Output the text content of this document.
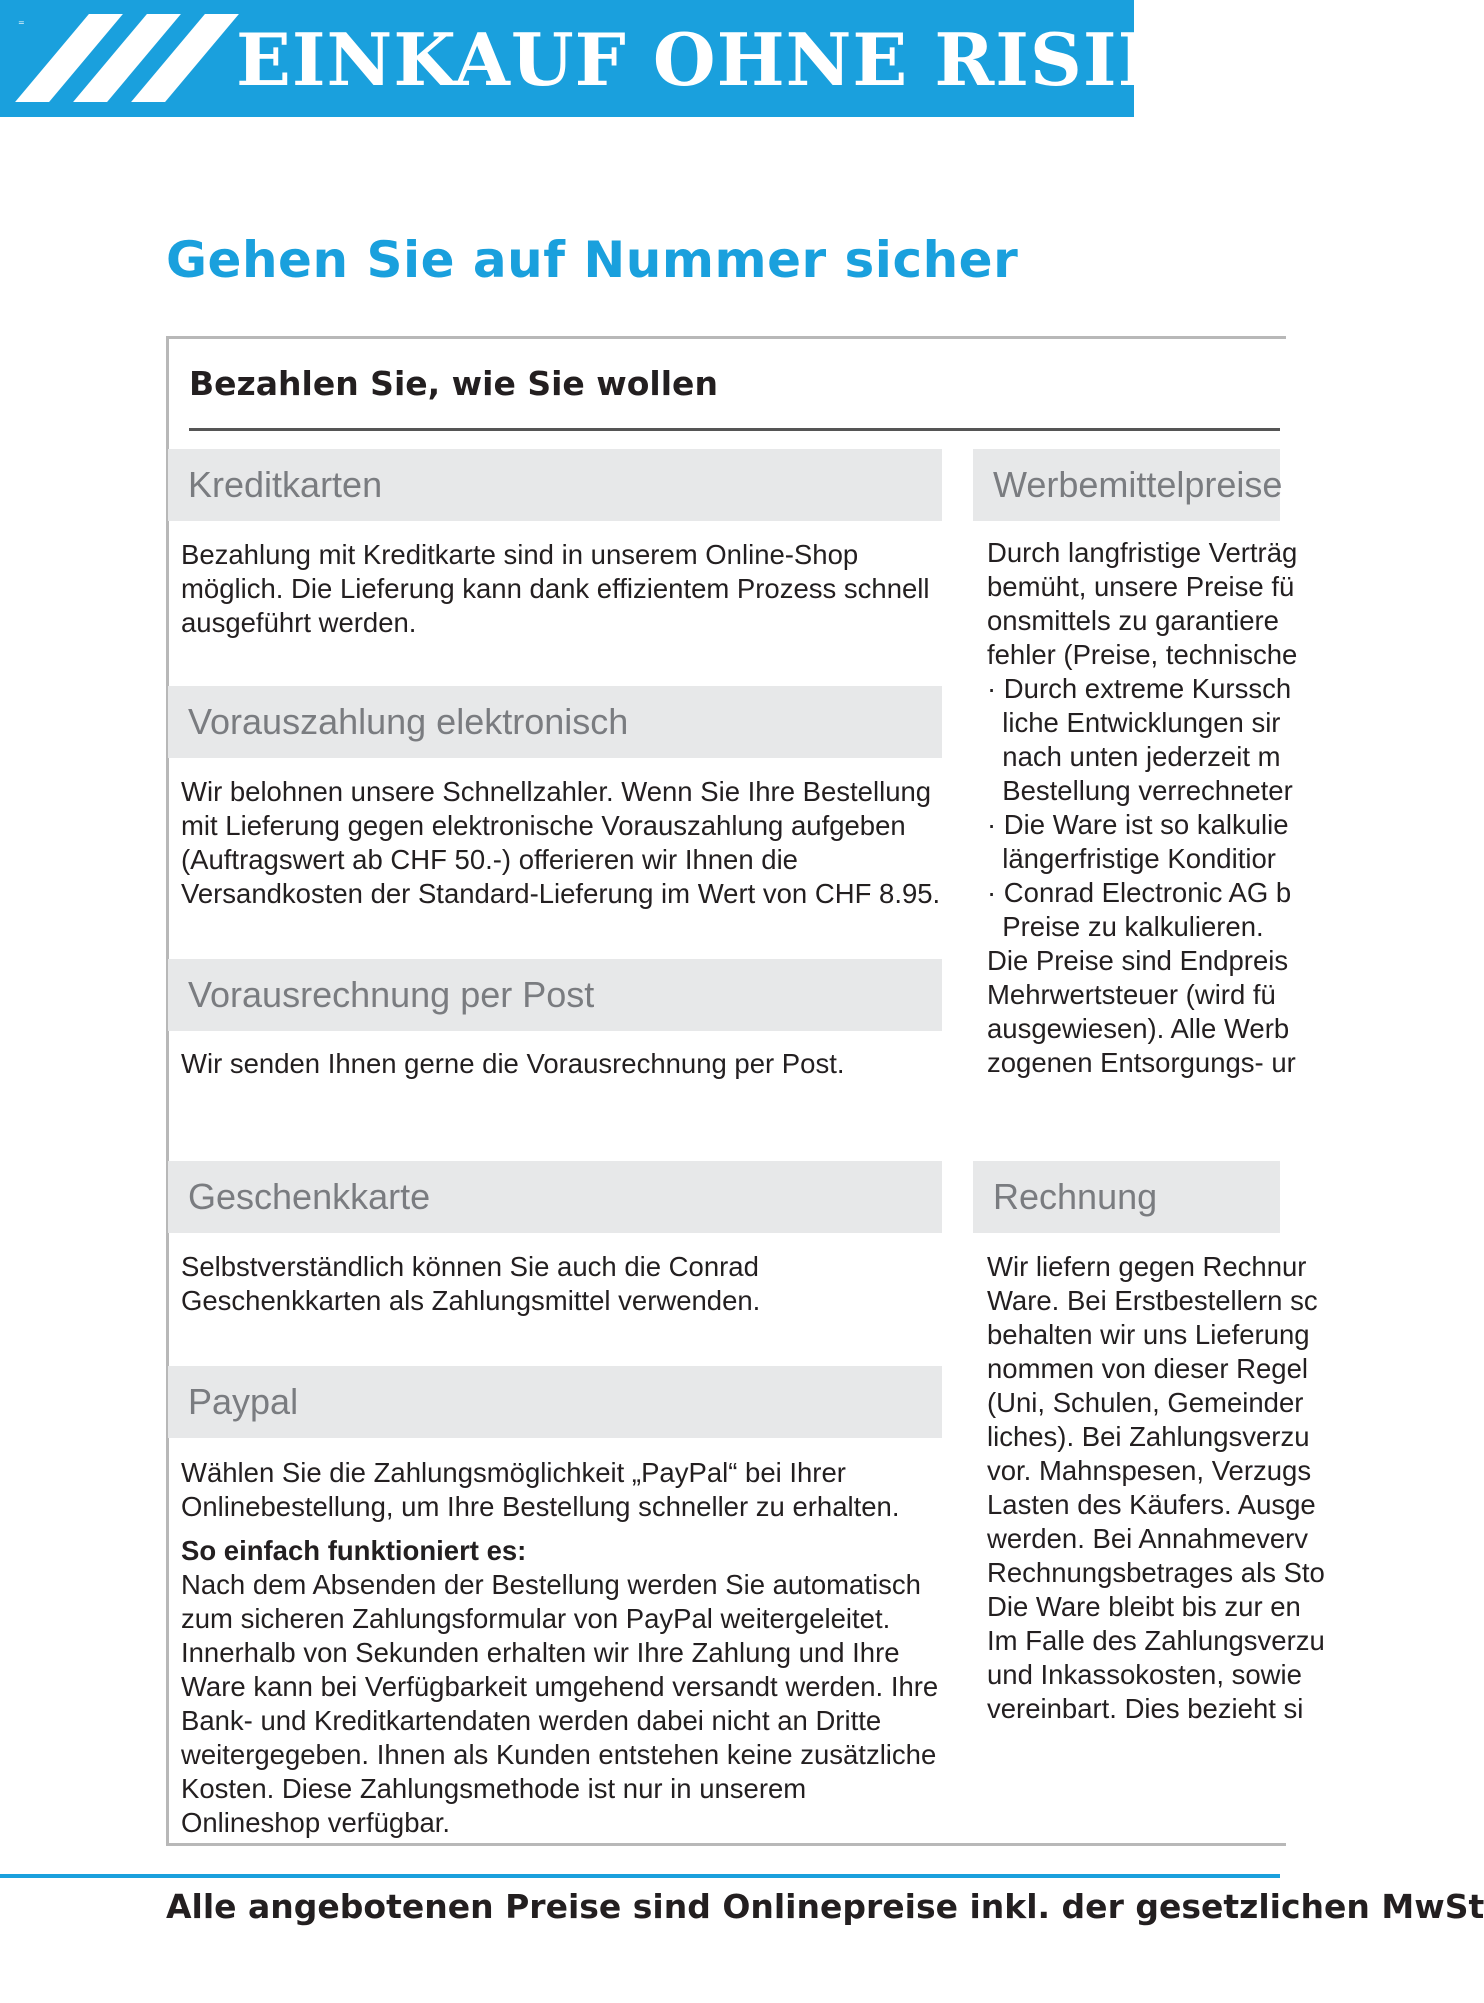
=	EINKAUF OHNE RISIKO
Gehen Sie auf Nummer sicher
Bezahlen Sie, wie Sie wollen
Kreditkarten

Bezahlung mit Kreditkarte sind in unserem Online-Shop möglich. Die Lieferung kann dank effizientem Prozess schnell ausgeführt werden.

Vorauszahlung elektronisch

Wir belohnen unsere Schnellzahler. Wenn Sie Ihre Bestellung mit Lieferung gegen elektronische Vorauszahlung aufgeben (Auftragswert ab CHF 50.-) offerieren wir Ihnen die Versandkosten der Standard-Lieferung im Wert von CHF 8.95.

Vorausrechnung per Post

Wir senden Ihnen gerne die Vorausrechnung per Post.

Geschenkkarte

Selbstverständlich können Sie auch die Conrad Geschenkkarten als Zahlungsmittel verwenden.

Paypal

Wählen Sie die Zahlungsmöglichkeit „PayPal“ bei Ihrer Onlinebestellung, um Ihre Bestellung schneller zu erhalten.

So einfach funktioniert es:

Nach dem Absenden der Bestellung werden Sie automatisch zum sicheren Zahlungsformular von PayPal weitergeleitet. Innerhalb von Sekunden erhalten wir Ihre Zahlung und Ihre Ware kann bei Verfügbarkeit umgehend versandt werden. Ihre Bank- und Kreditkartendaten werden dabei nicht an Dritte weitergegeben. Ihnen als Kunden entstehen keine zusätzliche Kosten. Diese Zahlungsmethode ist nur in unserem Onlineshop verfügbar.

Werbemittelpreise
Durch langfristige Verträg
bemüht, unsere Preise fü
onsmittels zu garantiere
fehler (Preise, technische
· Durch extreme Kurssch
liche Entwicklungen sir
nach unten jederzeit m
Bestellung verrechneter
· Die Ware ist so kalkulie
längerfristige Konditior
· Conrad Electronic AG b
Preise zu kalkulieren.
Die Preise sind Endpreis
Mehrwertsteuer (wird fü
ausgewiesen). Alle Werb
zogenen Entsorgungs- ur
Rechnung
Wir liefern gegen Rechnur
Ware. Bei Erstbestellern sc
behalten wir uns Lieferung
nommen von dieser Regel
(Uni, Schulen, Gemeinder
liches). Bei Zahlungsverzu
vor. Mahnspesen, Verzugs
Lasten des Käufers. Ausge
werden. Bei Annahmeverv
Rechnungsbetrages als Sto
Die Ware bleibt bis zur en
Im Falle des Zahlungsverzu
und Inkassokosten, sowie
vereinbart. Dies bezieht si

Alle angebotenen Preise sind Onlinepreise inkl. der gesetzlichen MwSt
